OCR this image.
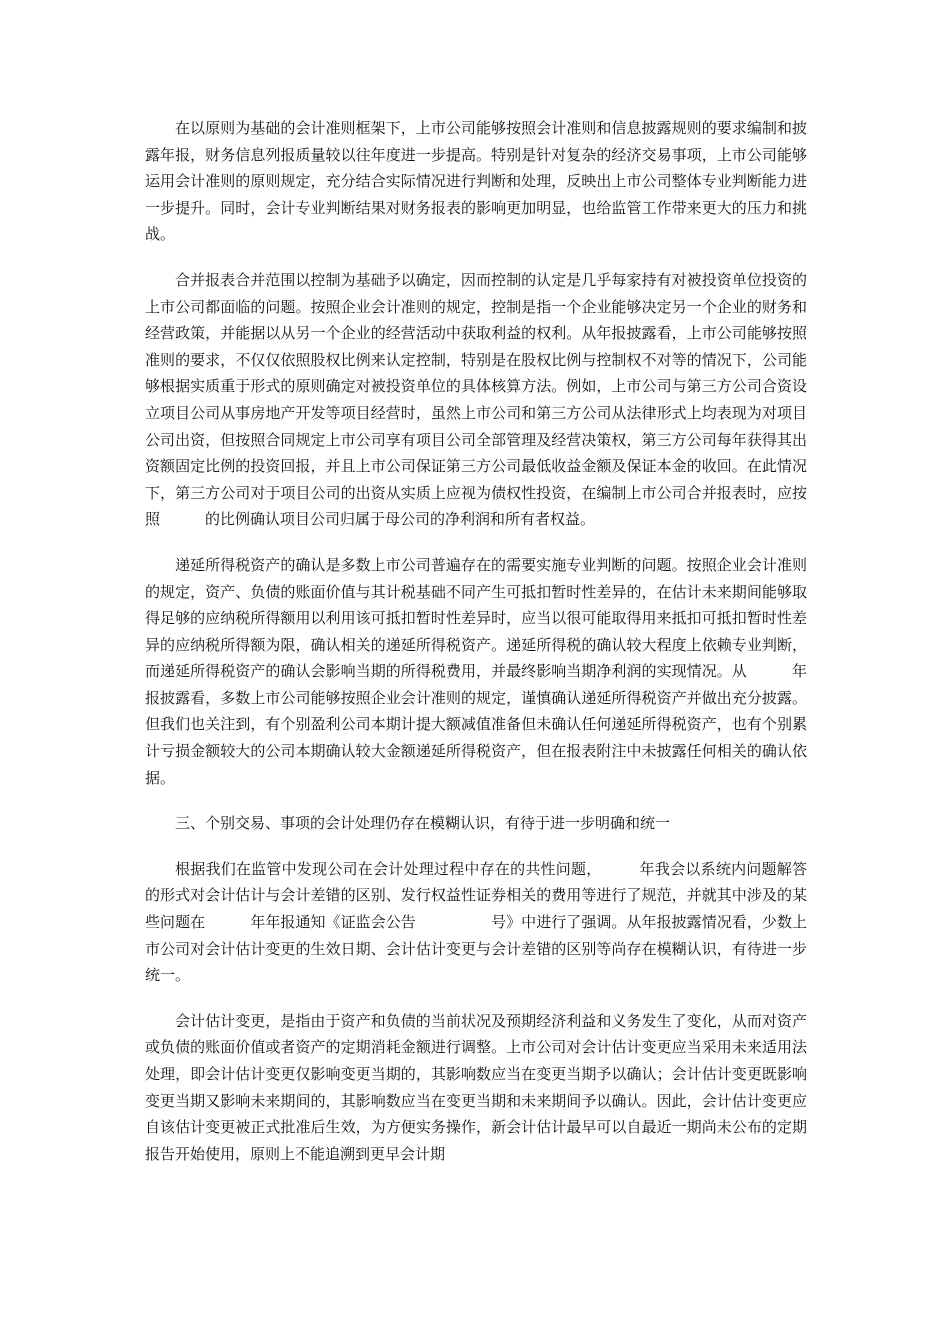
在以原则为基础的会计准则框架下，上市公司能够按照会计准则和信息披露规则的要求编制和披露年报，财务信息列报质量较以往年度进一步提高。特别是针对复杂的经济交易事项，上市公司能够运用会计准则的原则规定，充分结合实际情况进行判断和处理，反映出上市公司整体专业判断能力进一步提升。同时，会计专业判断结果对财务报表的影响更加明显，也给监管工作带来更大的压力和挑战。

合并报表合并范围以控制为基础予以确定，因而控制的认定是几乎每家持有对被投资单位投资的上市公司都面临的问题。按照企业会计准则的规定，控制是指一个企业能够决定另一个企业的财务和经营政策，并能据以从另一个企业的经营活动中获取利益的权利。从年报披露看，上市公司能够按照准则的要求，不仅仅依照股权比例来认定控制，特别是在股权比例与控制权不对等的情况下，公司能够根据实质重于形式的原则确定对被投资单位的具体核算方法。例如，上市公司与第三方公司合资设立项目公司从事房地产开发等项目经营时，虽然上市公司和第三方公司从法律形式上均表现为对项目公司出资，但按照合同规定上市公司享有项目公司全部管理及经营决策权，第三方公司每年获得其出资额固定比例的投资回报，并且上市公司保证第三方公司最低收益金额及保证本金的收回。在此情况下，第三方公司对于项目公司的出资从实质上应视为债权性投资，在编制上市公司合并报表时，应按照　　　的比例确认项目公司归属于母公司的净利润和所有者权益。

递延所得税资产的确认是多数上市公司普遍存在的需要实施专业判断的问题。按照企业会计准则的规定，资产、负债的账面价值与其计税基础不同产生可抵扣暂时性差异的，在估计未来期间能够取得足够的应纳税所得额用以利用该可抵扣暂时性差异时，应当以很可能取得用来抵扣可抵扣暂时性差异的应纳税所得额为限，确认相关的递延所得税资产。递延所得税的确认较大程度上依赖专业判断，而递延所得税资产的确认会影响当期的所得税费用，并最终影响当期净利润的实现情况。从　　　年报披露看，多数上市公司能够按照企业会计准则的规定，谨慎确认递延所得税资产并做出充分披露。但我们也关注到，有个别盈利公司本期计提大额减值准备但未确认任何递延所得税资产，也有个别累计亏损金额较大的公司本期确认较大金额递延所得税资产，但在报表附注中未披露任何相关的确认依据。

三、个别交易、事项的会计处理仍存在模糊认识，有待于进一步明确和统一

根据我们在监管中发现公司在会计处理过程中存在的共性问题，　　　年我会以系统内问题解答的形式对会计估计与会计差错的区别、发行权益性证券相关的费用等进行了规范，并就其中涉及的某些问题在　　　年年报通知《证监会公告　　　　　号》中进行了强调。从年报披露情况看，少数上市公司对会计估计变更的生效日期、会计估计变更与会计差错的区别等尚存在模糊认识，有待进一步统一。

会计估计变更，是指由于资产和负债的当前状况及预期经济利益和义务发生了变化，从而对资产或负债的账面价值或者资产的定期消耗金额进行调整。上市公司对会计估计变更应当采用未来适用法处理，即会计估计变更仅影响变更当期的，其影响数应当在变更当期予以确认；会计估计变更既影响变更当期又影响未来期间的，其影响数应当在变更当期和未来期间予以确认。因此，会计估计变更应自该估计变更被正式批准后生效，为方便实务操作，新会计估计最早可以自最近一期尚未公布的定期报告开始使用，原则上不能追溯到更早会计期
